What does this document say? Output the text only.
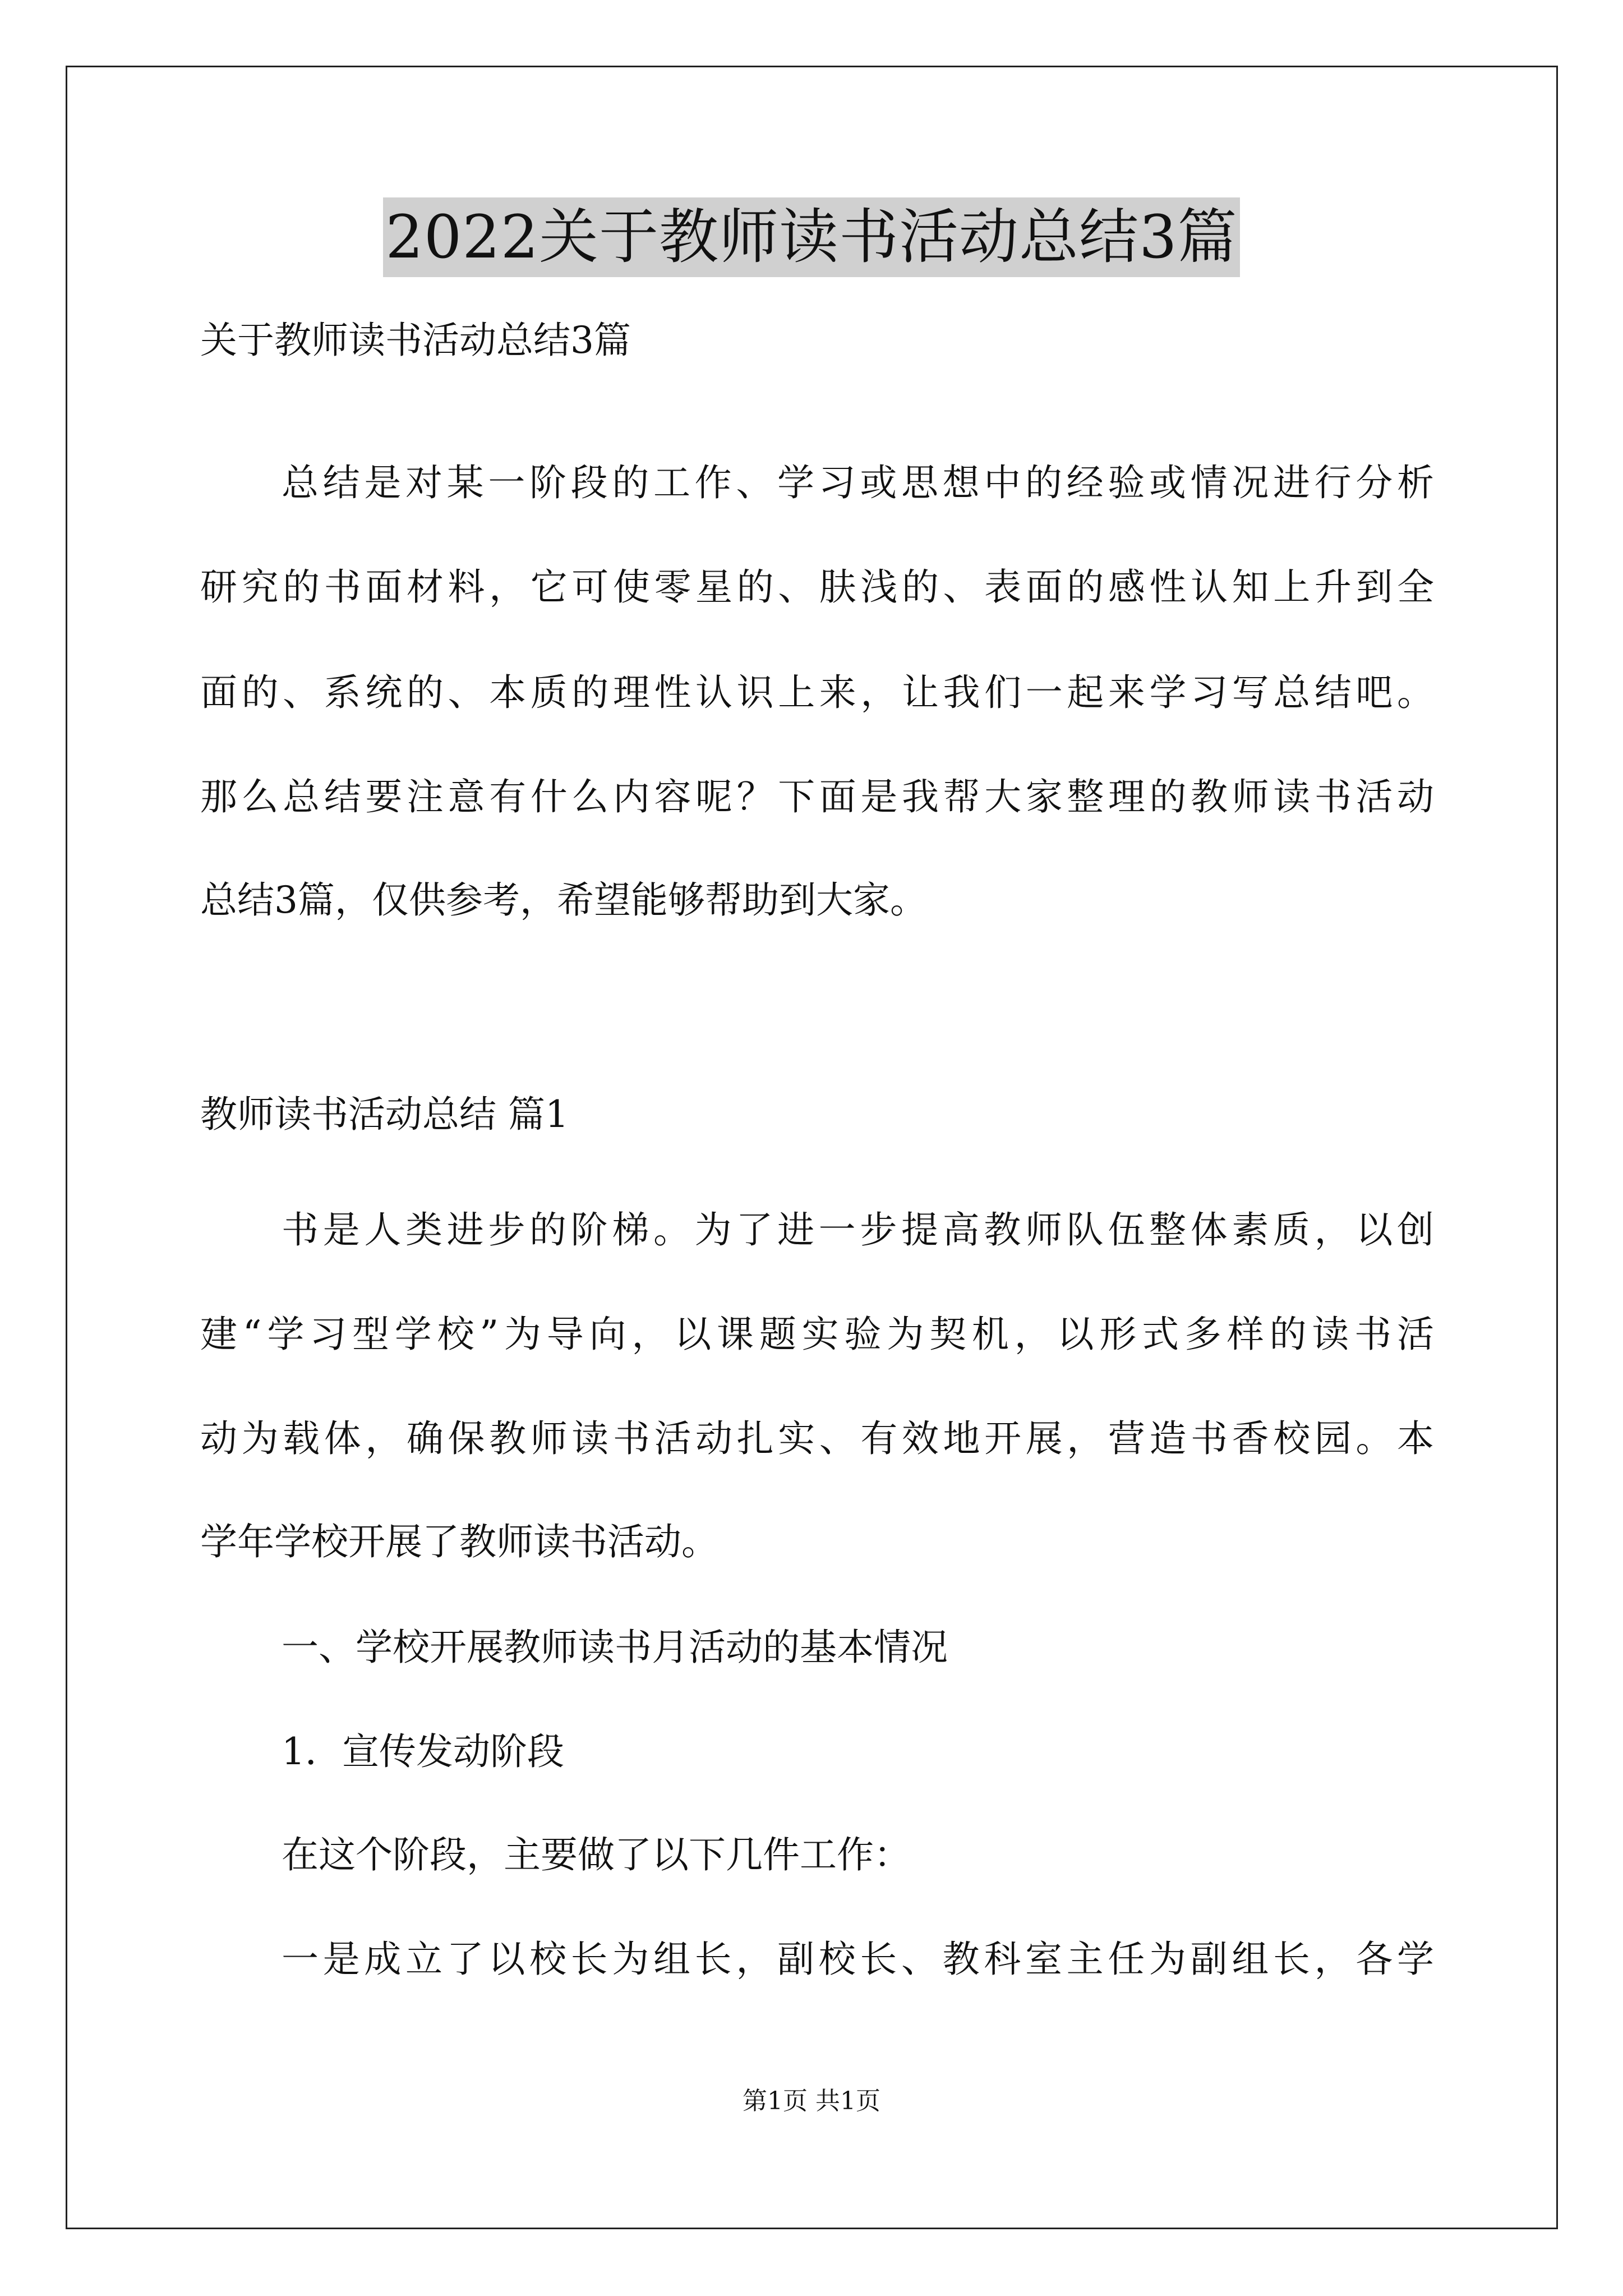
2022关于教师读书活动总结3篇
关于教师读书活动总结3篇
总结是对某一阶段的工作、学习或思想中的经验或情况进行分析
研究的书面材料，它可使零星的、肤浅的、表面的感性认知上升到全
面的、系统的、本质的理性认识上来，让我们一起来学习写总结吧。
那么总结要注意有什么内容呢？下面是我帮大家整理的教师读书活动
总结3篇，仅供参考，希望能够帮助到大家。
教师读书活动总结 篇1
书是人类进步的阶梯。为了进一步提高教师队伍整体素质，以创
建“学习型学校”为导向，以课题实验为契机，以形式多样的读书活
动为载体，确保教师读书活动扎实、有效地开展，营造书香校园。本
学年学校开展了教师读书活动。
一、学校开展教师读书月活动的基本情况
1．宣传发动阶段
在这个阶段，主要做了以下几件工作：
一是成立了以校长为组长，副校长、教科室主任为副组长，各学
第1页 共1页
